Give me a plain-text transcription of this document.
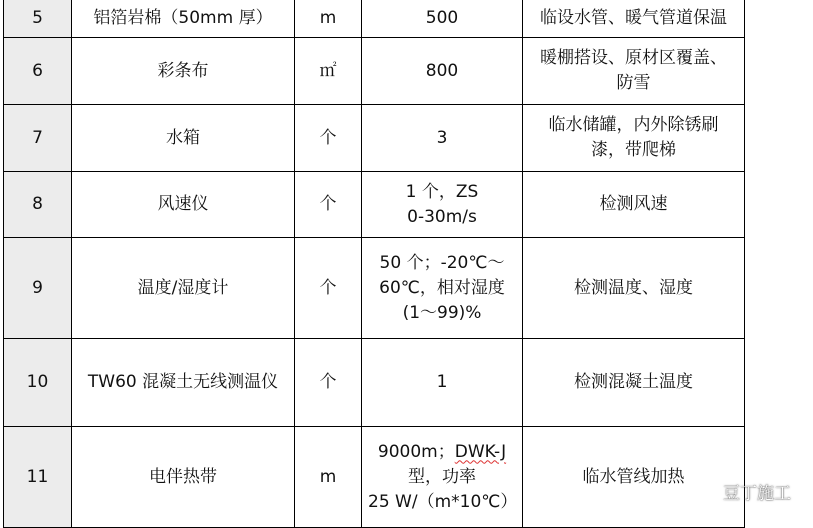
5	铝箔岩棉（50mm 厚）	m	500	临设水管、暖气管道保温

6	彩条布	㎡	800	暖棚搭设、原材区覆盖、
防雪

7	水箱	个	3	临水储罐，内外除锈刷
漆，带爬梯

8	风速仪	个	1 个，ZS
0-30m/s	检测风速

9	温度/湿度计	个	50 个；-20℃～
60℃，相对湿度
(1～99)%	检测温度、湿度

10	TW60 混凝土无线测温仪	个	1	检测混凝土温度

11	电伴热带	m	9000m；DWK-J
型，功率
25 W/（m*10℃）	临水管线加热
豆丁施工
